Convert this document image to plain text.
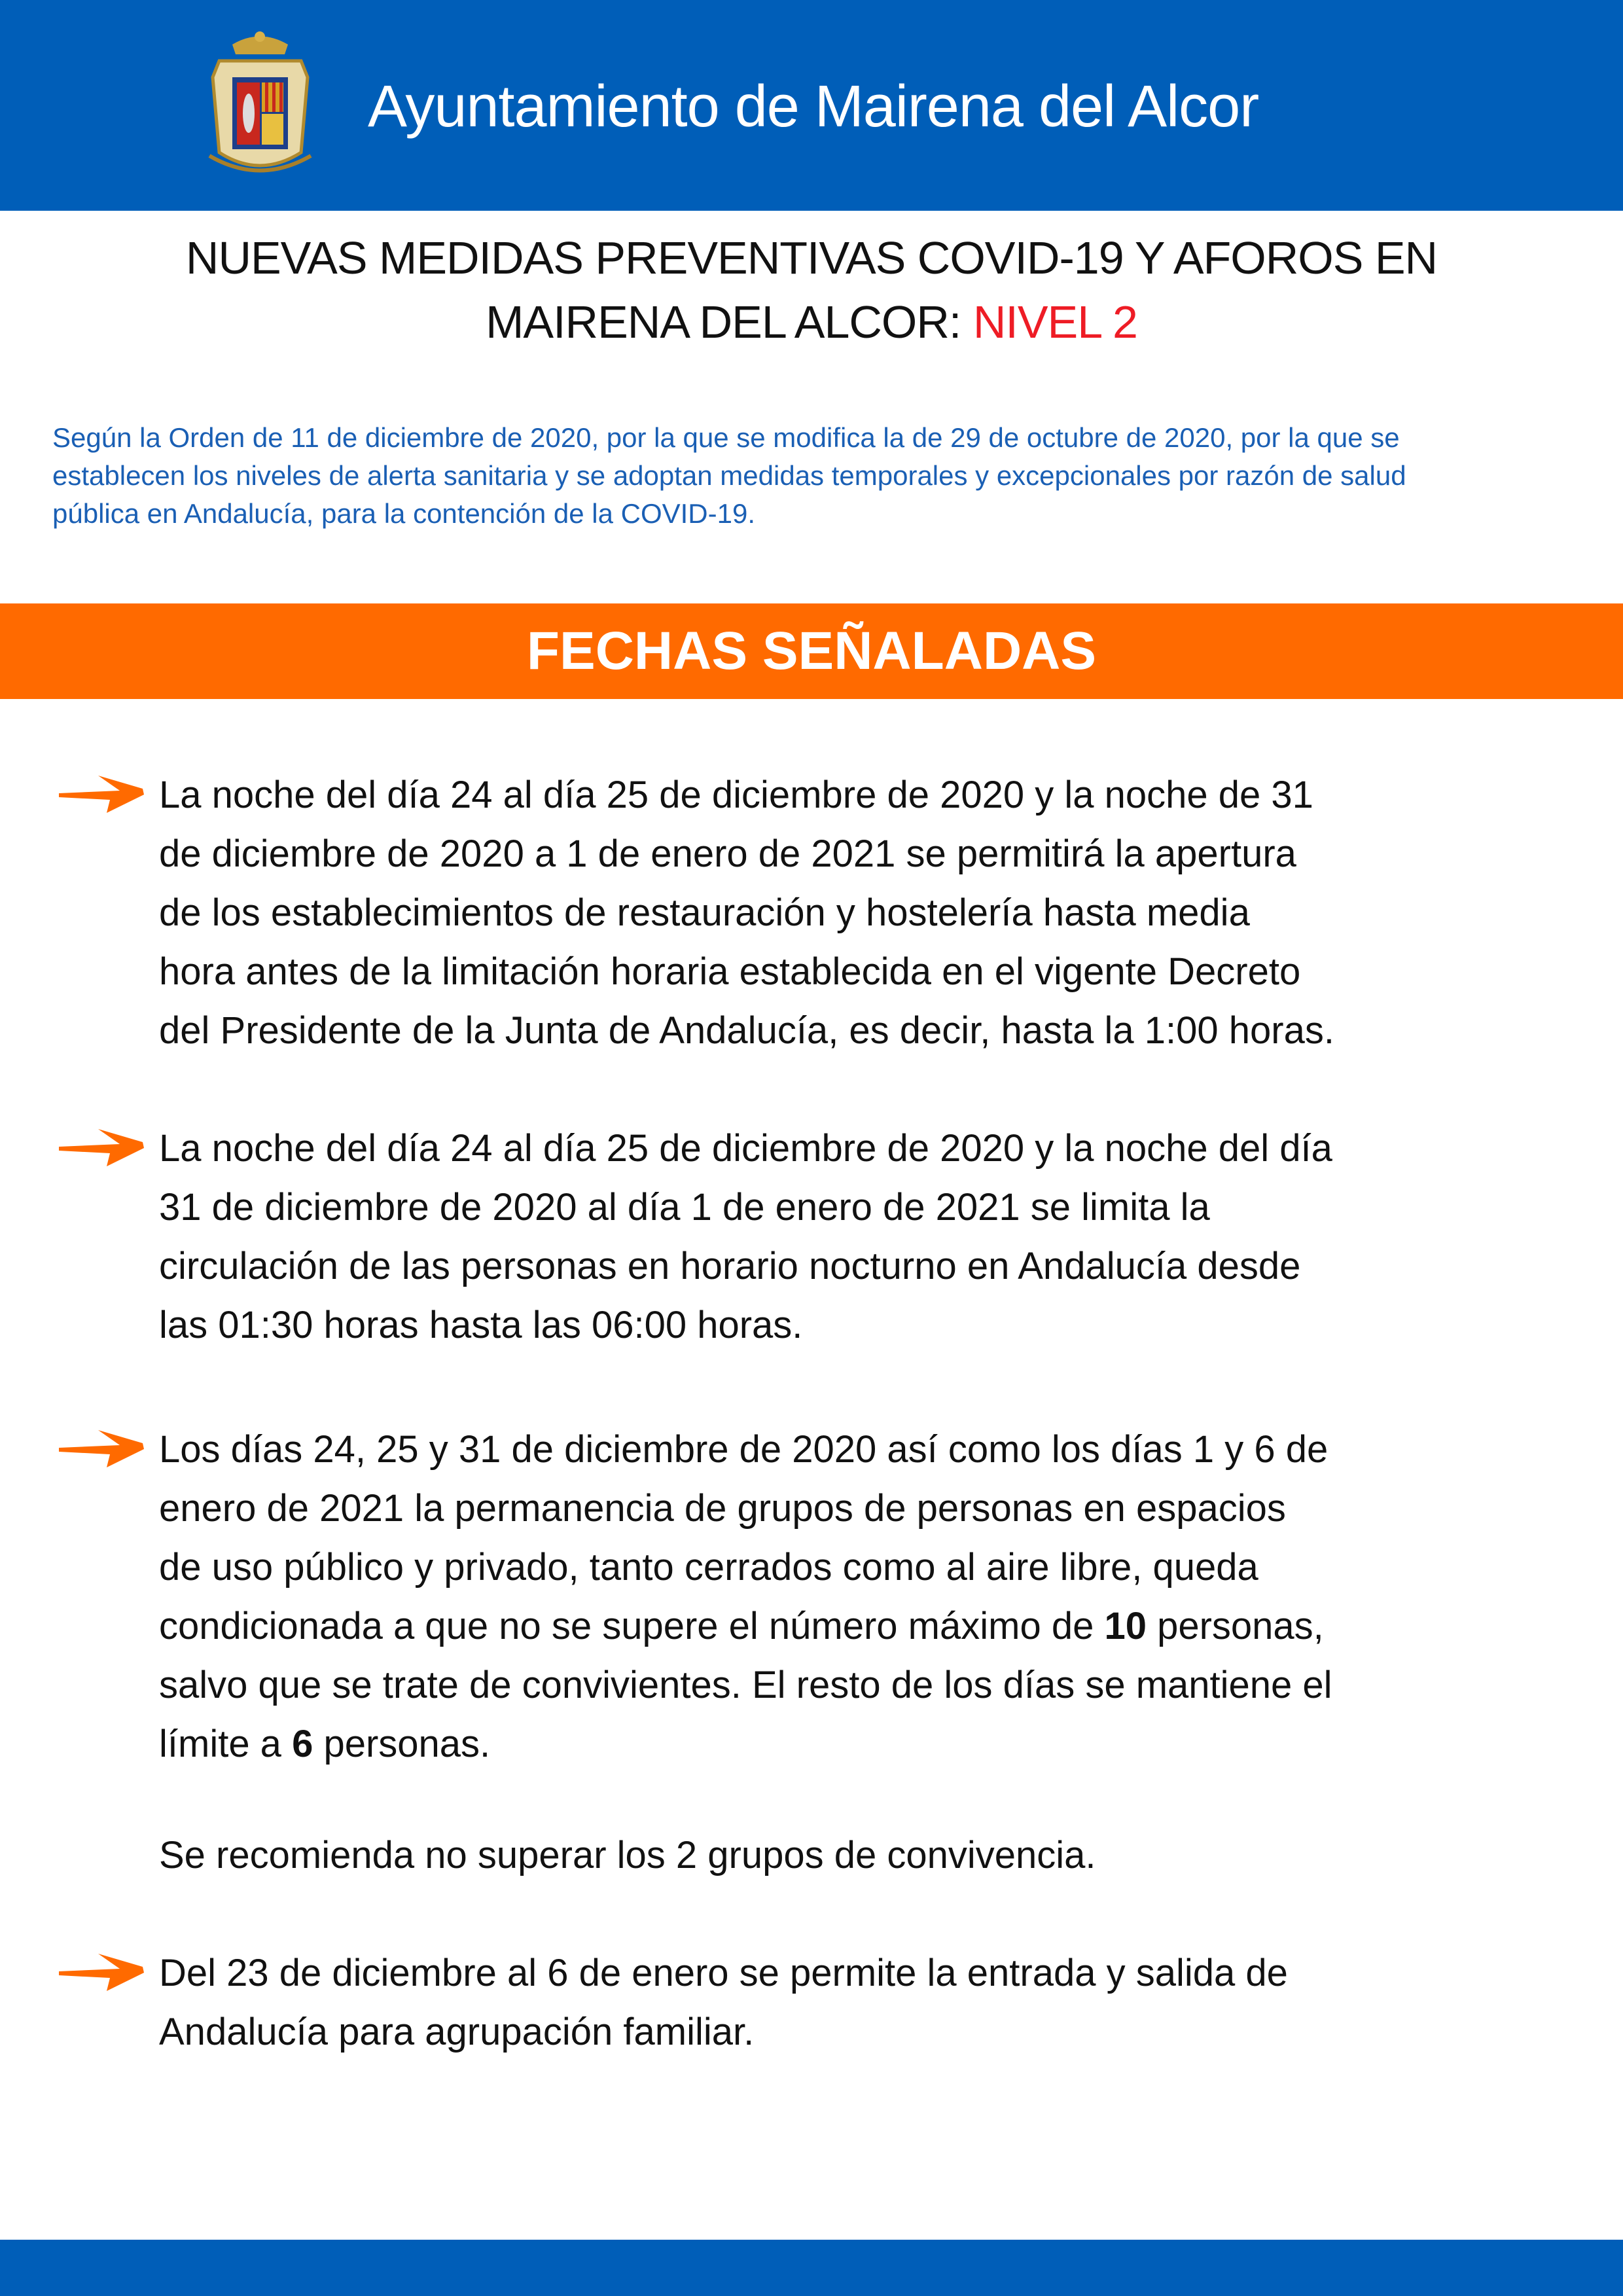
Ayuntamiento de Mairena del Alcor
NUEVAS MEDIDAS PREVENTIVAS COVID-19 Y AFOROS EN
MAIRENA DEL ALCOR: NIVEL 2
Según la Orden de 11 de diciembre de 2020, por la que se modifica la de 29 de octubre de 2020, por la que se
establecen los niveles de alerta sanitaria y se adoptan medidas temporales y excepcionales por razón de salud
pública en Andalucía, para la contención de la COVID-19.
FECHAS SEÑALADAS
La noche del día 24 al día 25 de diciembre de 2020 y la noche de 31
de diciembre de 2020 a 1 de enero de 2021 se permitirá la apertura
de los establecimientos de restauración y hostelería hasta media
hora antes de la limitación horaria establecida en el vigente Decreto
del Presidente de la Junta de Andalucía, es decir, hasta la 1:00 horas.
La noche del día 24 al día 25 de diciembre de 2020 y la noche del día
31 de diciembre de 2020 al día 1 de enero de 2021 se limita la
circulación de las personas en horario nocturno en Andalucía desde
las 01:30 horas hasta las 06:00 horas.
Los días 24, 25 y 31 de diciembre de 2020 así como los días 1 y 6 de
enero de 2021 la permanencia de grupos de personas en espacios
de uso público y privado, tanto cerrados como al aire libre, queda
condicionada a que no se supere el número máximo de 10 personas,
salvo que se trate de convivientes. El resto de los días se mantiene el
límite a 6 personas.
Se recomienda no superar los 2 grupos de convivencia.
Del 23 de diciembre al 6 de enero se permite la entrada y salida de
Andalucía para agrupación familiar.
